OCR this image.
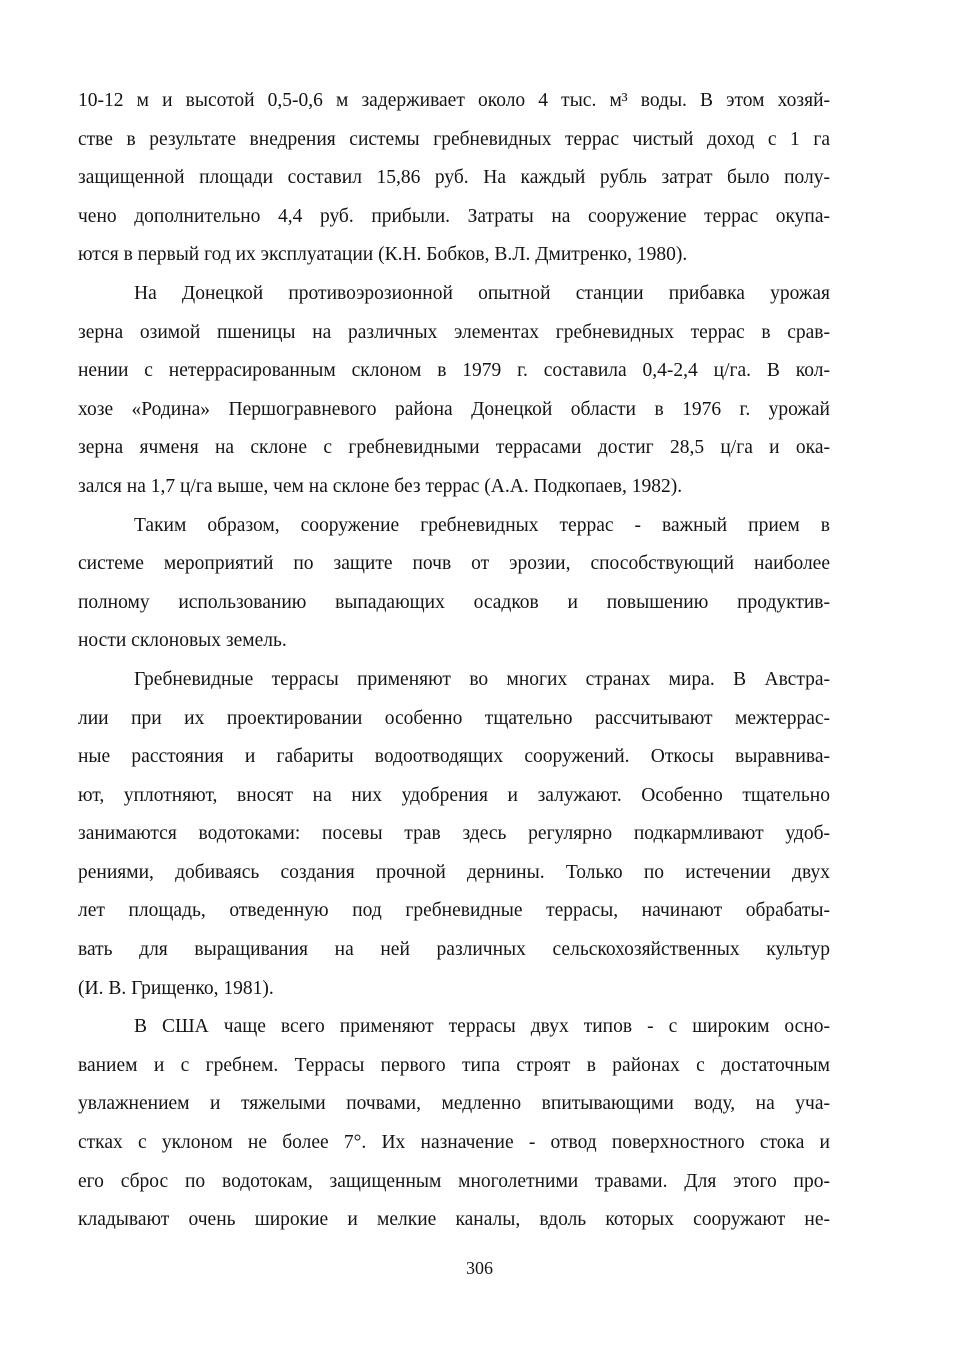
10-12 м и высотой 0,5-0,6 м задерживает около 4 тыс. м³ воды. В этом хозяй-
стве в результате внедрения системы гребневидных террас чистый доход с 1 га
защищенной площади составил 15,86 руб. На каждый рубль затрат было полу-
чено дополнительно 4,4 руб. прибыли. Затраты на сооружение террас окупа-
ются в первый год их эксплуатации (К.Н. Бобков, В.Л. Дмитренко, 1980).

На Донецкой противоэрозионной опытной станции прибавка урожая
зерна озимой пшеницы на различных элементах гребневидных террас в срав-
нении с нетеррасированным склоном в 1979 г. составила 0,4-2,4 ц/га. В кол-
хозе «Родина» Першогравневого района Донецкой области в 1976 г. урожай
зерна ячменя на склоне с гребневидными террасами достиг 28,5 ц/га и ока-
зался на 1,7 ц/га выше, чем на склоне без террас (А.А. Подкопаев, 1982).

Таким образом, сооружение гребневидных террас - важный прием в
системе мероприятий по защите почв от эрозии, способствующий наиболее
полному использованию выпадающих осадков и повышению продуктив-
ности склоновых земель.

Гребневидные террасы применяют во многих странах мира. В Австра-
лии при их проектировании особенно тщательно рассчитывают межтеррас-
ные расстояния и габариты водоотводящих сооружений. Откосы выравнива-
ют, уплотняют, вносят на них удобрения и залужают. Особенно тщательно
занимаются водотоками: посевы трав здесь регулярно подкармливают удоб-
рениями, добиваясь создания прочной дернины. Только по истечении двух
лет площадь, отведенную под гребневидные террасы, начинают обрабаты-
вать для выращивания на ней различных сельскохозяйственных культур
(И. В. Грищенко, 1981).

В США чаще всего применяют террасы двух типов - с широким осно-
ванием и с гребнем. Террасы первого типа строят в районах с достаточным
увлажнением и тяжелыми почвами, медленно впитывающими воду, на уча-
стках с уклоном не более 7°. Их назначение - отвод поверхностного стока и
его сброс по водотокам, защищенным многолетними травами. Для этого про-
кладывают очень широкие и мелкие каналы, вдоль которых сооружают не-

306
